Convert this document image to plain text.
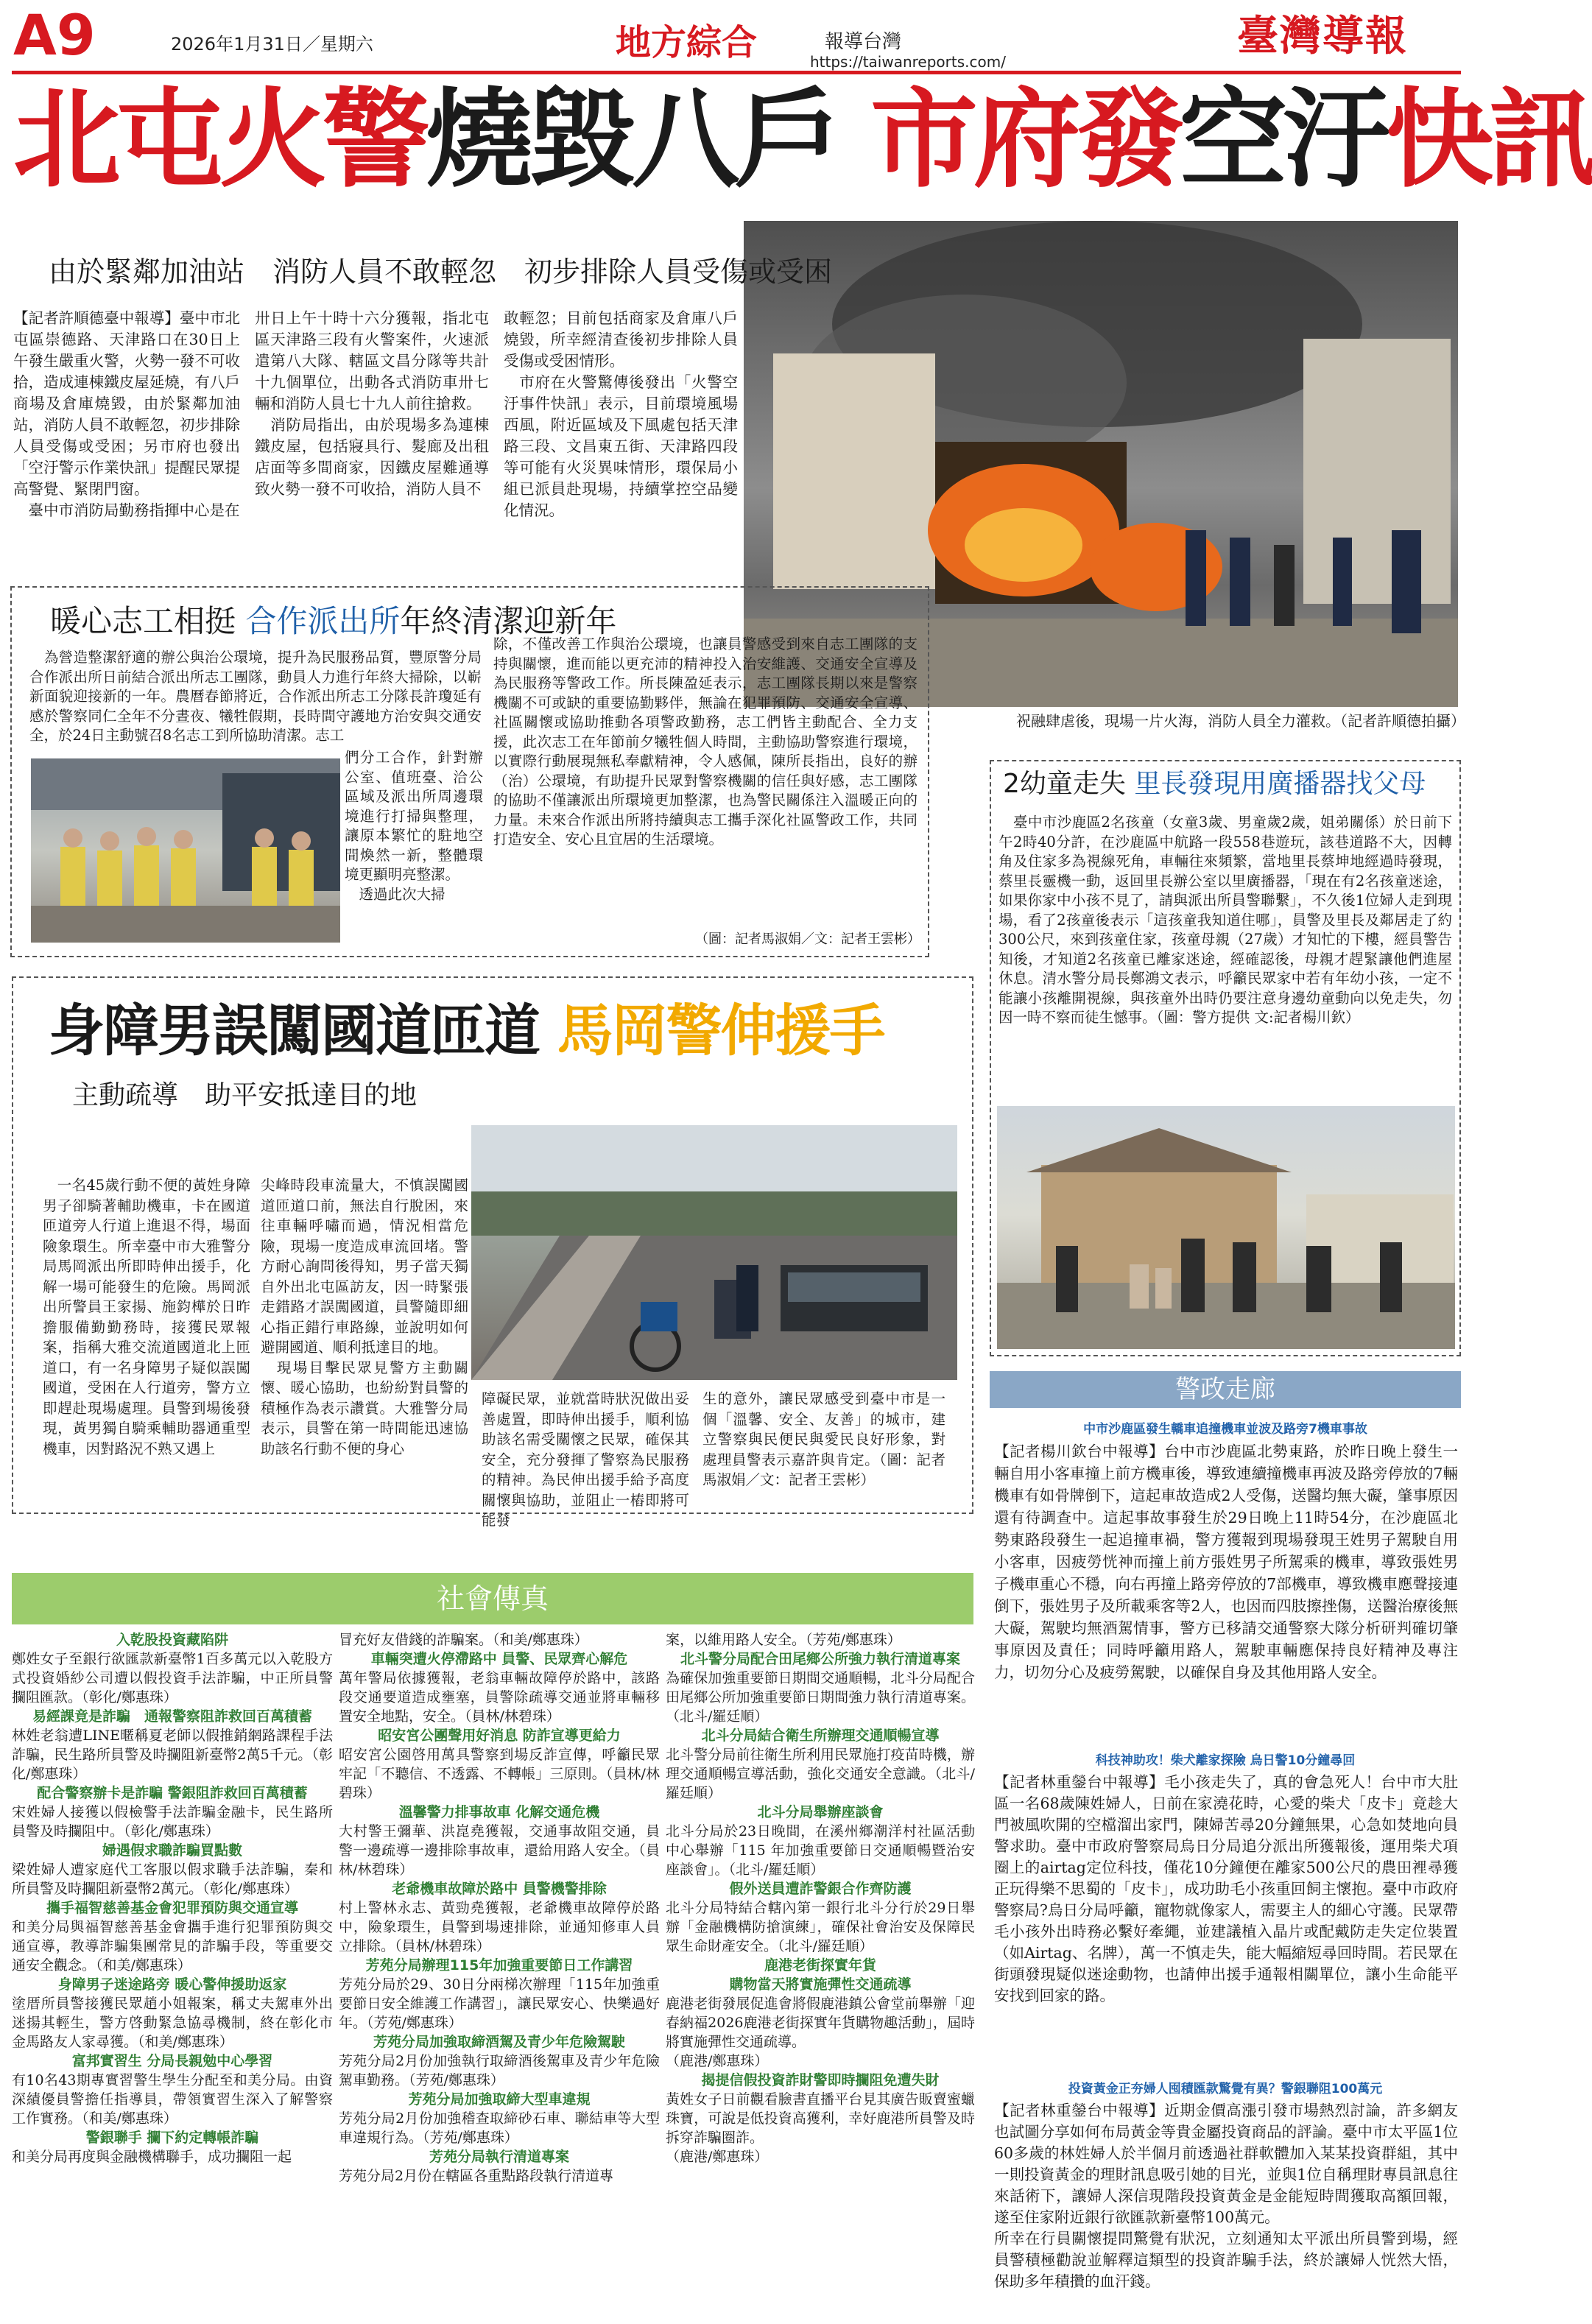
A9	2026年1月31日／星期六	地方綜合	報導台灣
https://taiwanreports.com/
臺灣導報
北屯火警燒毀八戶 市府發空汙快訊
由於緊鄰加油站　消防人員不敢輕忽　初步排除人員受傷或受困
【記者許順德臺中報導】臺中市北屯區崇德路、天津路口在30日上午發生嚴重火警，火勢一發不可收拾，造成連棟鐵皮屋延燒，有八戶商場及倉庫燒毀，由於緊鄰加油站，消防人員不敢輕忽，初步排除人員受傷或受困；另市府也發出「空汙警示作業快訊」提醒民眾提高警覺、緊閉門窗。
　臺中市消防局勤務指揮中心是在
卅日上午十時十六分獲報，指北屯區天津路三段有火警案件，火速派遣第八大隊、轄區文昌分隊等共計十九個單位，出動各式消防車卅七輛和消防人員七十九人前往搶救。
　消防局指出，由於現場多為連棟鐵皮屋，包括寢具行、髮廊及出租店面等多間商家，因鐵皮屋難通導致火勢一發不可收拾，消防人員不
敢輕忽；目前包括商家及倉庫八戶燒毀，所幸經清查後初步排除人員受傷或受困情形。
　市府在火警驚傳後發出「火警空汙事件快訊」表示，目前環境風場西風，附近區域及下風處包括天津路三段、文昌東五街、天津路四段等可能有火災異味情形，環保局小組已派員赴現場，持續掌控空品變化情況。
祝融肆虐後，現場一片火海，消防人員全力灌救。（記者許順德拍攝）
暖心志工相挺 合作派出所年終清潔迎新年
　為營造整潔舒適的辦公與治公環境，提升為民服務品質，豐原警分局合作派出所日前結合派出所志工團隊，動員人力進行年終大掃除，以嶄新面貌迎接新的一年。農曆春節將近，合作派出所志工分隊長許瓊延有感於警察同仁全年不分晝夜、犧牲假期，長時間守護地方治安與交通安全，於24日主動號召8名志工到所協助清潔。志工
們分工合作，針對辦公室、值班臺、洽公區域及派出所周邊環境進行打掃與整理，讓原本繁忙的駐地空間煥然一新，整體環境更顯明亮整潔。
　透過此次大掃
除，不僅改善工作與治公環境，也讓員警感受到來自志工團隊的支持與關懷，進而能以更充沛的精神投入治安維護、交通安全宣導及為民服務等警政工作。所長陳盈延表示，志工團隊長期以來是警察機關不可或缺的重要協勤夥伴，無論在犯罪預防、交通安全宣導、社區關懷或協助推動各項警政勤務，志工們皆主動配合、全力支援，此次志工在年節前夕犧牲個人時間，主動協助警察進行環境，以實際行動展現無私奉獻精神，令人感佩，陳所長指出，良好的辦（治）公環境，有助提升民眾對警察機關的信任與好感，志工團隊的協助不僅讓派出所環境更加整潔，也為警民關係注入溫暖正向的力量。未來合作派出所將持續與志工攜手深化社區警政工作，共同打造安全、安心且宜居的生活環境。
（圖：記者馬淑娟／文：記者王雲彬）
2幼童走失 里長發現用廣播器找父母
　臺中市沙鹿區2名孩童（女童3歲、男童歲2歲，姐弟關係）於日前下午2時40分許，在沙鹿區中航路一段558巷遊玩，該巷道路不大，因轉角及住家多為視線死角，車輛往來頻繁，當地里長蔡坤地經過時發現，蔡里長靈機一動，返回里長辦公室以里廣播器，「現在有2名孩童迷途，如果你家中小孩不見了，請與派出所員警聯繫」，不久後1位婦人走到現場，看了2孩童後表示「這孩童我知道住哪」，員警及里長及鄰居走了約300公尺，來到孩童住家，孩童母親（27歲）才知忙的下樓，經員警告知後，才知道2名孩童已離家迷途，經確認後，母親才趕緊讓他們進屋休息。清水警分局長鄭鴻文表示，呼籲民眾家中若有年幼小孩，一定不能讓小孩離開視線，與孩童外出時仍要注意身邊幼童動向以免走失，勿因一時不察而徒生憾事。（圖：警方提供 文:記者楊川欽）
身障男誤闖國道匝道 馬岡警伸援手
主動疏導　助平安抵達目的地
　一名45歲行動不便的黃姓身障男子卻騎著輔助機車，卡在國道匝道旁人行道上進退不得，場面險象環生。所幸臺中市大雅警分局馬岡派出所即時伸出援手，化解一場可能發生的危險。馬岡派出所警員王家揚、施鈞樺於日昨擔服備勤勤務時，接獲民眾報案，指稱大雅交流道國道北上匝道口，有一名身障男子疑似誤闖國道，受困在人行道旁，警方立即趕赴現場處理。員警到場後發現，黃男獨自騎乘輔助器通重型機車，因對路況不熟又遇上
尖峰時段車流量大，不慎誤闖國道匝道口前，無法自行脫困，來往車輛呼嘯而過，情況相當危險，現場一度造成車流回堵。警方耐心詢問後得知，男子當天獨自外出北屯區訪友，因一時緊張走錯路才誤闖國道，員警隨即細心指正錯行車路線，並說明如何避開國道、順利抵達目的地。
　現場目擊民眾見警方主動關懷、暖心協助，也紛紛對員警的積極作為表示讚賞。大雅警分局表示，員警在第一時間能迅速協助該名行動不便的身心
障礙民眾，並就當時狀況做出妥善處置，即時伸出援手，順利協助該名需受關懷之民眾，確保其安全，充分發揮了警察為民服務的精神。為民伸出援手給予高度關懷與協助，並阻止一樁即將可能發
生的意外，讓民眾感受到臺中市是一個「溫馨、安全、友善」的城市，建立警察與民便民與愛民良好形象，對處理員警表示嘉許與肯定。（圖：記者馬淑娟／文：記者王雲彬）
警政走廊
中市沙鹿區發生轎車追撞機車並波及路旁7機車事故
【記者楊川欽台中報導】台中市沙鹿區北勢東路，於昨日晚上發生一輛自用小客車撞上前方機車後，導致連續撞機車再波及路旁停放的7輛機車有如骨牌倒下，這起車故造成2人受傷，送醫均無大礙，肇事原因還有待調查中。這起事故事發生於29日晚上11時54分，在沙鹿區北勢東路段發生一起追撞車禍，警方獲報到現場發現王姓男子駕駛自用小客車，因疲勞恍神而撞上前方張姓男子所駕乘的機車，導致張姓男子機車重心不穩，向右再撞上路旁停放的7部機車，導致機車應聲接連倒下，張姓男子及所載乘客等2人，也因而四肢擦挫傷，送醫治療後無大礙，駕駛均無酒駕情事，警方已移請交通警察大隊分析研判確切肇事原因及責任；同時呼籲用路人，駕駛車輛應保持良好精神及專注力，切勿分心及疲勞駕駛，以確保自身及其他用路人安全。
科技神助攻！柴犬離家探險 烏日警10分鐘尋回
【記者林重鎣台中報導】毛小孩走失了，真的會急死人！台中市大肚區一名68歲陳姓婦人，日前在家澆花時，心愛的柴犬「皮卡」竟趁大門被風吹開的空檔溜出家門，陳婦苦尋20分鐘無果，心急如焚地向員警求助。臺中市政府警察局烏日分局追分派出所獲報後，運用柴犬項圈上的airtag定位科技，僅花10分鐘便在離家500公尺的農田裡尋獲正玩得樂不思蜀的「皮卡」，成功助毛小孩重回飼主懷抱。臺中市政府警察局?烏日分局呼籲，寵物就像家人，需要主人的細心守護。民眾帶毛小孩外出時務必繫好牽繩，並建議植入晶片或配戴防走失定位裝置（如Airtag、名牌），萬一不慎走失，能大幅縮短尋回時間。若民眾在街頭發現疑似迷途動物，也請伸出援手通報相關單位，讓小生命能平安找到回家的路。
投資黃金正夯婦人囤積匯款驚覺有異？警銀聯阻100萬元
【記者林重鎣台中報導】近期金價高漲引發市場熱烈討論，許多網友也試圖分享如何布局黃金等貴金屬投資商品的評論。臺中市太平區1位60多歲的林姓婦人於半個月前透過社群軟體加入某某投資群組，其中一則投資黃金的理財訊息吸引她的目光，並與1位自稱理財專員訊息往來話術下，讓婦人深信現階段投資黃金是金能短時間獲取高額回報，遂至住家附近銀行欲匯款新臺幣100萬元。
所幸在行員關懷提問驚覺有狀況，立刻通知太平派出所員警到場，經員警積極勸說並解釋這類型的投資詐騙手法，終於讓婦人恍然大悟，保助多年積攢的血汗錢。
社會傳真
入乾股投資藏陷阱
鄭姓女子至銀行欲匯款新臺幣1百多萬元以入乾股方式投資婚紗公司遭以假投資手法詐騙，中正所員警攔阻匯款。（彰化/鄭惠珠）
易經課竟是詐騙　通報警察阻詐救回百萬積蓄
林姓老翁遭LINE暱稱夏老師以假推銷網路課程手法詐騙，民生路所員警及時攔阻新臺幣2萬5千元。（彰化/鄭惠珠）
配合警察辦卡是詐騙 警銀阻詐救回百萬積蓄
宋姓婦人接獲以假檢警手法詐騙金融卡，民生路所員警及時攔阻中。（彰化/鄭惠珠）
婦遇假求職詐騙買點數
梁姓婦人遭家庭代工客服以假求職手法詐騙，秦和所員警及時攔阻新臺幣2萬元。（彰化/鄭惠珠）
攜手福智慈善基金會犯罪預防與交通宣導
和美分局與福智慈善基金會攜手進行犯罪預防與交通宣導，教導詐騙集團常見的詐騙手段，等重要交通安全觀念。（和美/鄭惠珠）
身障男子迷途路旁 暖心警伸援助返家
塗厝所員警接獲民眾趙小姐報案，稱丈夫駕車外出迷揚其輕生，警方啓動緊急協尋機制，終在彰化市金馬路友人家尋獲。（和美/鄭惠珠）
富邦實習生 分局長親勉中心學習
有10名43期專實習警生學生分配至和美分局。由資深績優員警擔任指導員，帶領實習生深入了解警察工作實務。（和美/鄭惠珠）
警銀聯手 攔下約定轉帳詐騙
和美分局再度與金融機構聯手，成功攔阻一起
冒充好友借錢的詐騙案。（和美/鄭惠珠）
車輛突遭火停滯路中 員警、民眾齊心解危
萬年警局依據獲報，老翁車輛故障停於路中，該路段交通要道造成壅塞，員警除疏導交通並將車輛移置安全地點，安全。（員林/林碧珠）
昭安宮公團聲用好消息 防詐宣導更給力
昭安宮公園啓用萬具警察到場反詐宣傳，呼籲民眾牢記「不聽信、不透露、不轉帳」三原則。（員林/林碧珠）
溫馨警力排事故車 化解交通危機
大村警王彌華、洪崑堯獲報，交通事故阻交通，員警一邊疏導一邊排除事故車，還給用路人安全。（員林/林碧珠）
老爺機車故障於路中 員警機警排除
村上警林永志、黃勁堯獲報，老爺機車故障停於路中，險象環生，員警到場速排除，並通知修車人員立排除。（員林/林碧珠）
芳苑分局辦理115年加強重要節日工作講習
芳苑分局於29、30日分兩梯次辦理「115年加強重要節日安全維護工作講習」，讓民眾安心、快樂過好年。（芳苑/鄭惠珠）
芳苑分局加強取締酒駕及青少年危險駕駛
芳苑分局2月份加強執行取締酒後駕車及青少年危險駕車勤務。（芳苑/鄭惠珠）
芳苑分局加強取締大型車違規
芳苑分局2月份加強稽查取締砂石車、聯結車等大型車違規行為。（芳苑/鄭惠珠）
芳苑分局執行清道專案
芳苑分局2月份在轄區各重點路段執行清道專
案，以維用路人安全。（芳苑/鄭惠珠）
北斗警分局配合田尾鄉公所強力執行清道專案
為確保加強重要節日期間交通順暢，北斗分局配合田尾鄉公所加強重要節日期間強力執行清道專案。（北斗/羅廷順）
北斗分局結合衛生所辦理交通順暢宣導
北斗警分局前往衛生所利用民眾施打疫苗時機，辦理交通順暢宣導活動，強化交通安全意識。（北斗/羅廷順）
北斗分局舉辦座談會
北斗分局於23日晚間，在溪州鄉潮洋村社區活動中心舉辦「115 年加強重要節日交通順暢暨治安座談會」。（北斗/羅廷順）
假外送員遭詐警銀合作齊防護
北斗分局特結合轄內第一銀行北斗分行於29日舉辦「金融機構防搶演練」，確保社會治安及保障民眾生命財產安全。（北斗/羅廷順）
鹿港老街探實年貨
購物當天將實施彈性交通疏導
鹿港老街發展促進會將假鹿港鎮公會堂前舉辦「迎春納福2026鹿港老街探實年貨購物趣活動」，屆時將實施彈性交通疏導。
（鹿港/鄭惠珠）
揭提信假投資詐財警即時攔阻免遭失財
黃姓女子日前觀看臉書直播平台見其廣告販賣蜜蠟珠寶，可說是低投資高獲利，幸好鹿港所員警及時拆穿詐騙圈詐。
（鹿港/鄭惠珠）
